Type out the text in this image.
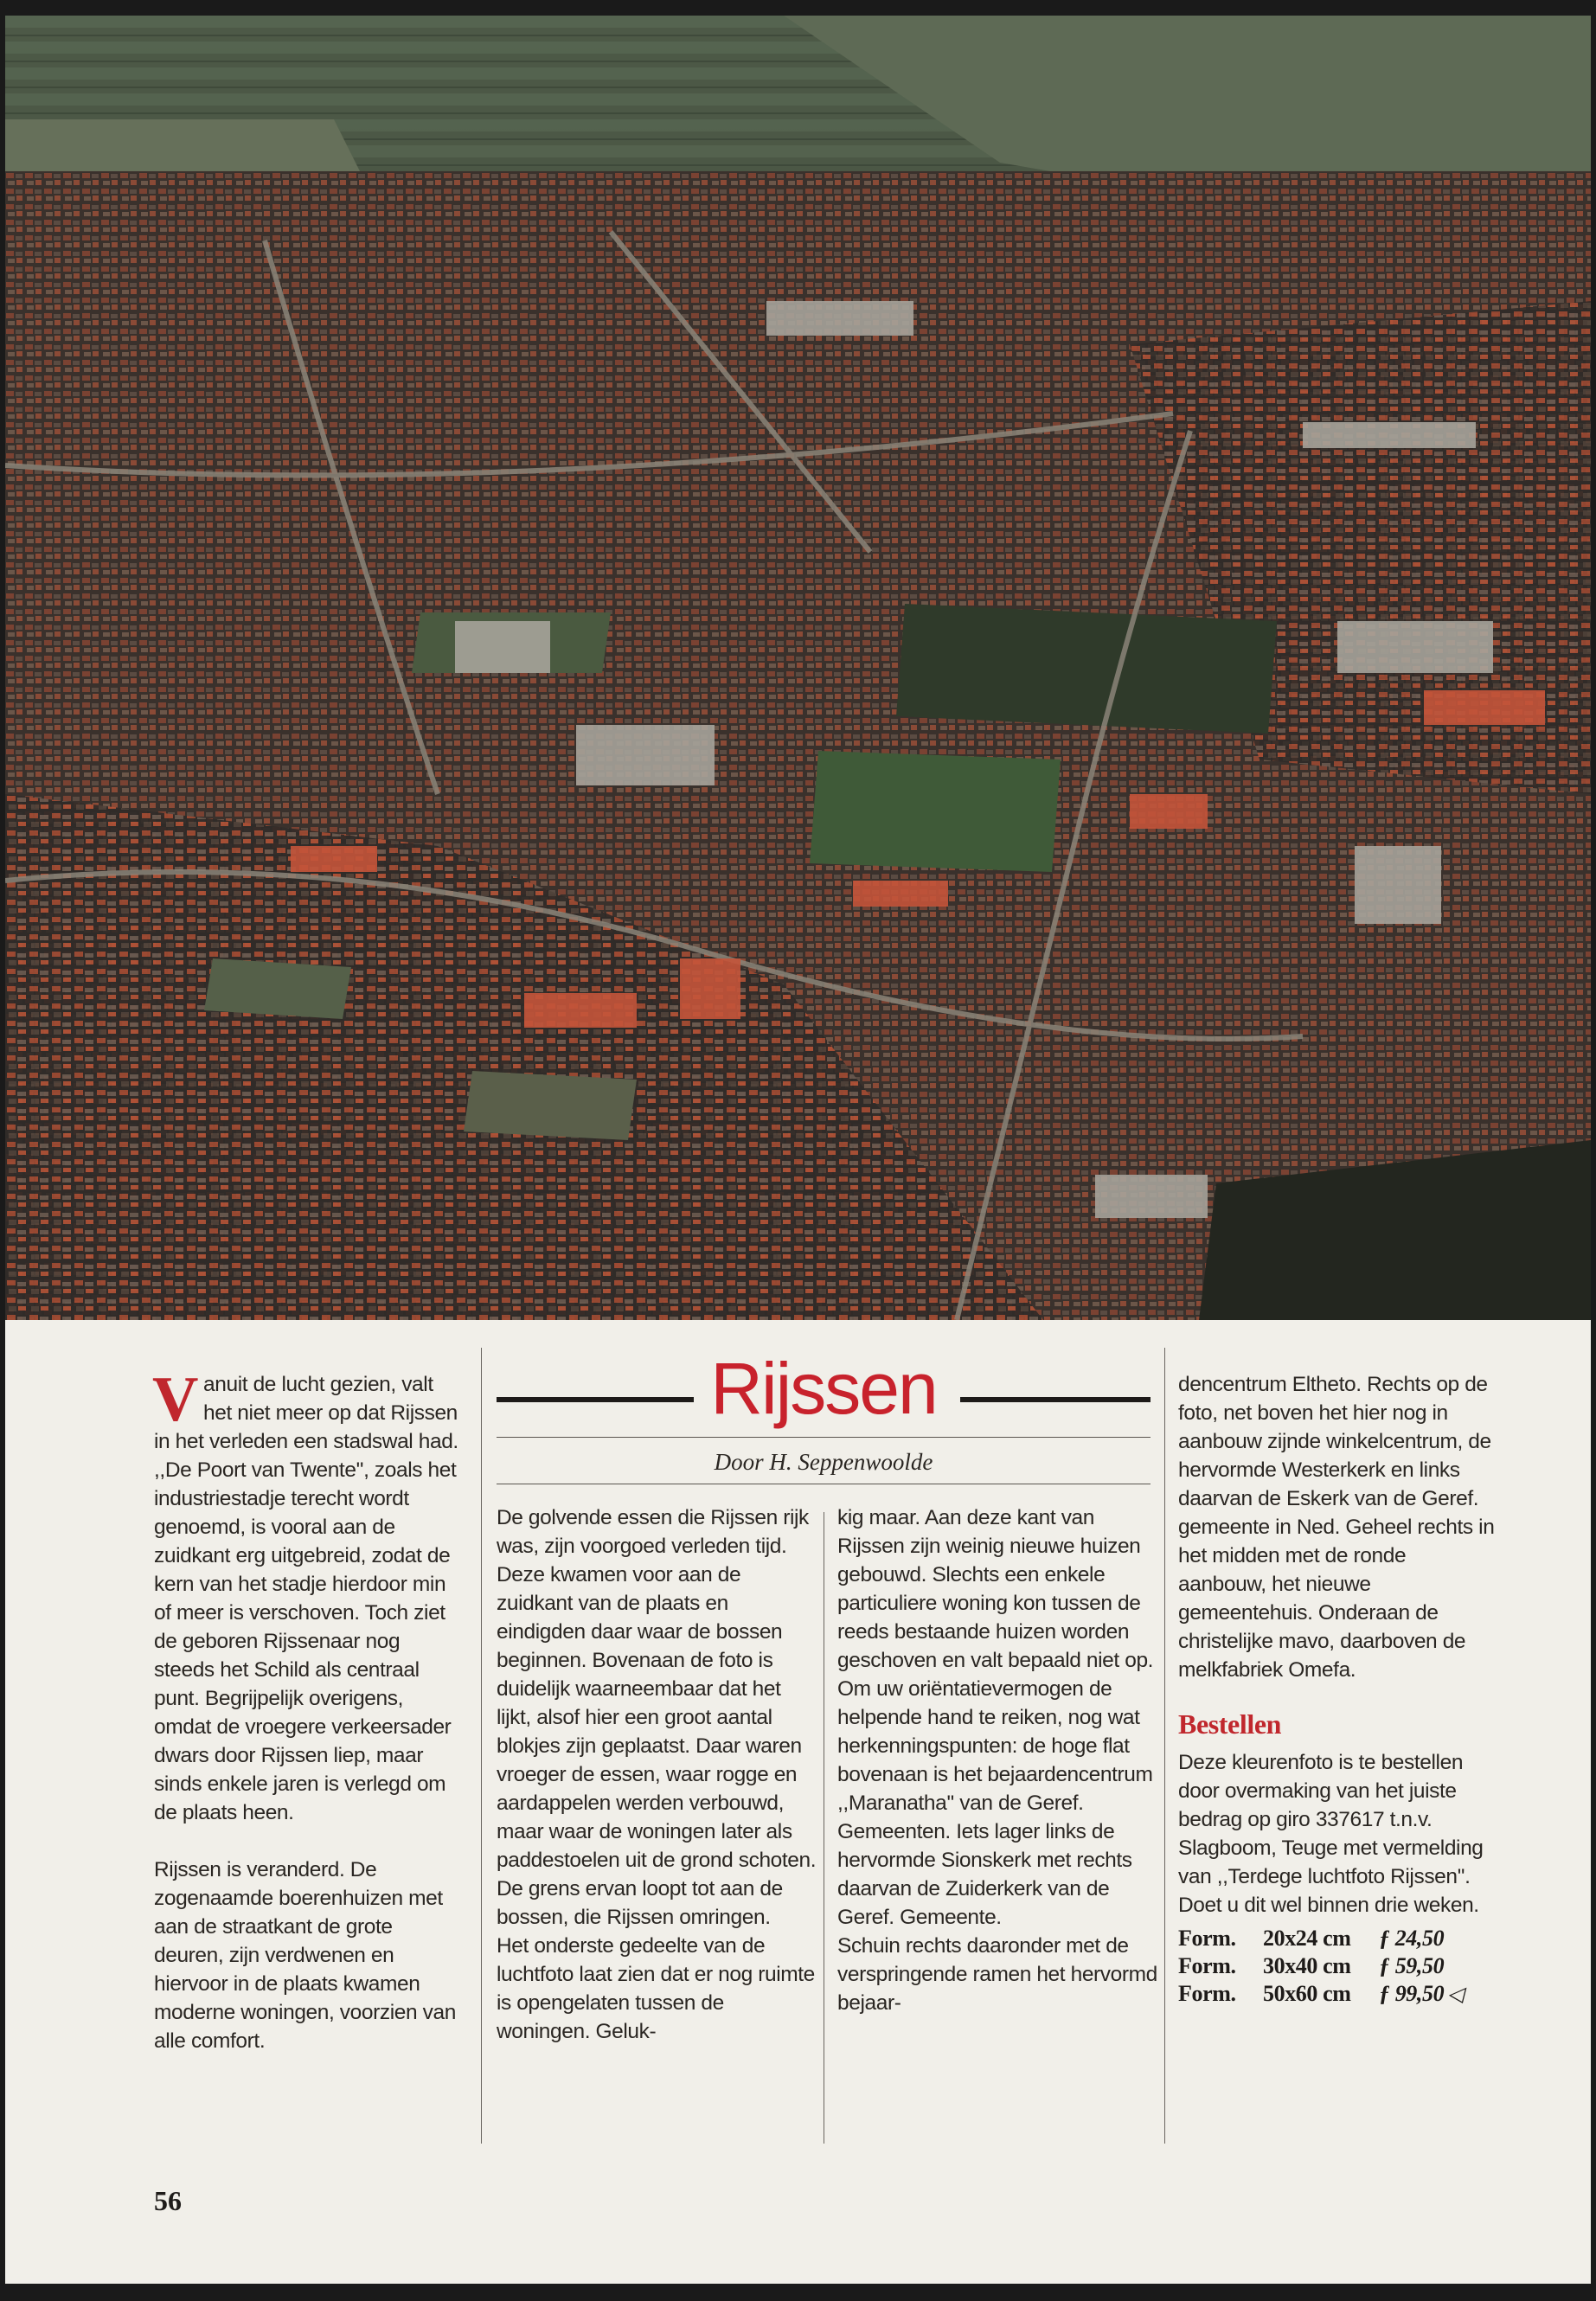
Vanuit de lucht gezien, valt het niet meer op dat Rijssen in het verleden een stadswal had. ,,De Poort van Twente'', zoals het industriestadje terecht wordt genoemd, is vooral aan de zuidkant erg uitgebreid, zodat de kern van het stadje hierdoor min of meer is verschoven. Toch ziet de geboren Rijssenaar nog steeds het Schild als centraal punt. Begrijpelijk overigens, omdat de vroegere verkeersader dwars door Rijssen liep, maar sinds enkele jaren is verlegd om de plaats heen.

Rijssen is veranderd. De zogenaamde boerenhuizen met aan de straatkant de grote deuren, zijn verdwenen en hiervoor in de plaats kwamen moderne woningen, voorzien van alle comfort.

Rijssen
Door H. Seppenwoolde

De golvende essen die Rijssen rijk was, zijn voorgoed verleden tijd. Deze kwamen voor aan de zuidkant van de plaats en eindigden daar waar de bossen beginnen. Bovenaan de foto is duidelijk waarneembaar dat het lijkt, alsof hier een groot aantal blokjes zijn geplaatst. Daar waren vroeger de essen, waar rogge en aardappelen werden verbouwd, maar waar de woningen later als paddestoelen uit de grond schoten. De grens ervan loopt tot aan de bossen, die Rijssen omringen.

Het onderste gedeelte van de luchtfoto laat zien dat er nog ruimte is opengelaten tussen de woningen. Geluk-

kig maar. Aan deze kant van Rijssen zijn weinig nieuwe huizen gebouwd. Slechts een enkele particuliere woning kon tussen de reeds bestaande huizen worden geschoven en valt bepaald niet op.

Om uw oriëntatievermogen de helpende hand te reiken, nog wat herkenningspunten: de hoge flat bovenaan is het bejaardencentrum ,,Maranatha'' van de Geref. Gemeenten. Iets lager links de hervormde Sionskerk met rechts daarvan de Zuiderkerk van de Geref. Gemeente.

Schuin rechts daaronder met de verspringende ramen het hervormd bejaar-

dencentrum Eltheto. Rechts op de foto, net boven het hier nog in aanbouw zijnde winkelcentrum, de hervormde Westerkerk en links daarvan de Eskerk van de Geref. gemeente in Ned. Geheel rechts in het midden met de ronde aanbouw, het nieuwe gemeentehuis. Onderaan de christelijke mavo, daarboven de melkfabriek Omefa.

Bestellen

Deze kleurenfoto is te bestellen door overmaking van het juiste bedrag op giro 337617 t.n.v. Slagboom, Teuge met vermelding van ,,Terdege luchtfoto Rijssen''. Doet u dit wel binnen drie weken.

Form.	20x24 cm	ƒ 24,50
Form.	30x40 cm	ƒ 59,50
Form.	50x60 cm	ƒ 99,50 ◁
56
